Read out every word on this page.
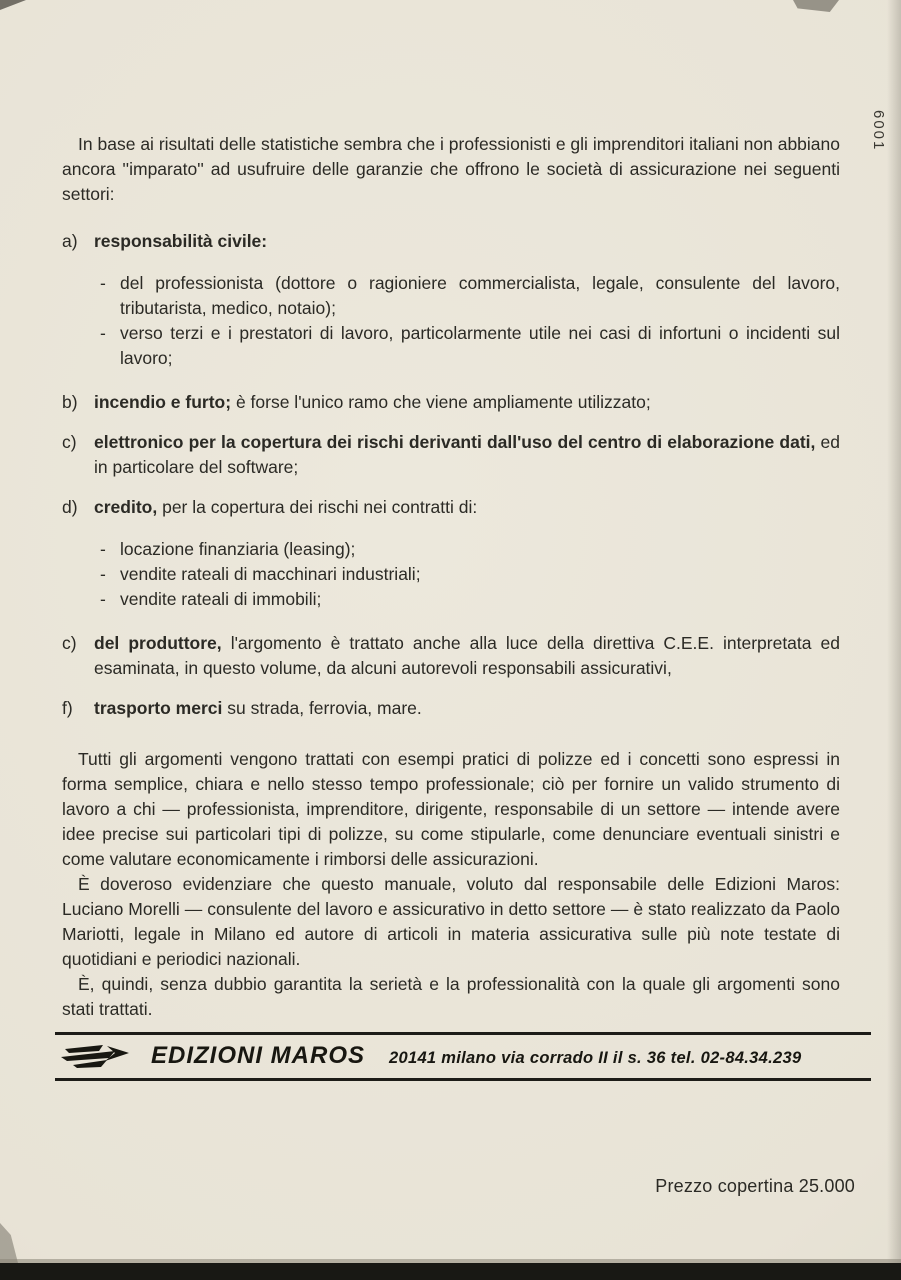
6001

In base ai risultati delle statistiche sembra che i professionisti e gli imprenditori italiani non abbiano ancora ''imparato'' ad usufruire delle garanzie che offrono le società di assicurazione nei seguenti settori:

a) responsabilità civile:
-
del professionista (dottore o ragioniere commercialista, legale, consulente del lavoro, tributarista, medico, notaio);
-
verso terzi e i prestatori di lavoro, particolarmente utile nei casi di infortuni o incidenti sul lavoro;
b) incendio e furto; è forse l'unico ramo che viene ampliamente utilizzato;
c) elettronico per la copertura dei rischi derivanti dall'uso del centro di elaborazione dati, ed in particolare del software;
d) credito, per la copertura dei rischi nei contratti di:
-
locazione finanziaria (leasing);
-
vendite rateali di macchinari industriali;
-
vendite rateali di immobili;
c) del produttore, l'argomento è trattato anche alla luce della direttiva C.E.E. interpretata ed esaminata, in questo volume, da alcuni autorevoli responsabili assicurativi,
f)	trasporto merci su strada, ferrovia, mare.

Tutti gli argomenti vengono trattati con esempi pratici di polizze ed i concetti sono espressi in forma semplice, chiara e nello stesso tempo professionale; ciò per fornire un valido strumento di lavoro a chi — professionista, imprenditore, dirigente, responsabile di un settore — intende avere idee precise sui particolari tipi di polizze, su come stipularle, come denunciare eventuali sinistri e come valutare economicamente i rimborsi delle assicurazioni.

È doveroso evidenziare che questo manuale, voluto dal responsabile delle Edizioni Maros: Luciano Morelli — consulente del lavoro e assicurativo in detto settore — è stato realizzato da Paolo Mariotti, legale in Milano ed autore di articoli in materia assicurativa sulle più note testate di quotidiani e periodici nazionali.

È, quindi, senza dubbio garantita la serietà e la professionalità con la quale gli argomenti sono stati trattati.

EDIZIONI MAROS 20141 milano via corrado II il s. 36 tel. 02-84.34.239
Prezzo copertina 25.000
